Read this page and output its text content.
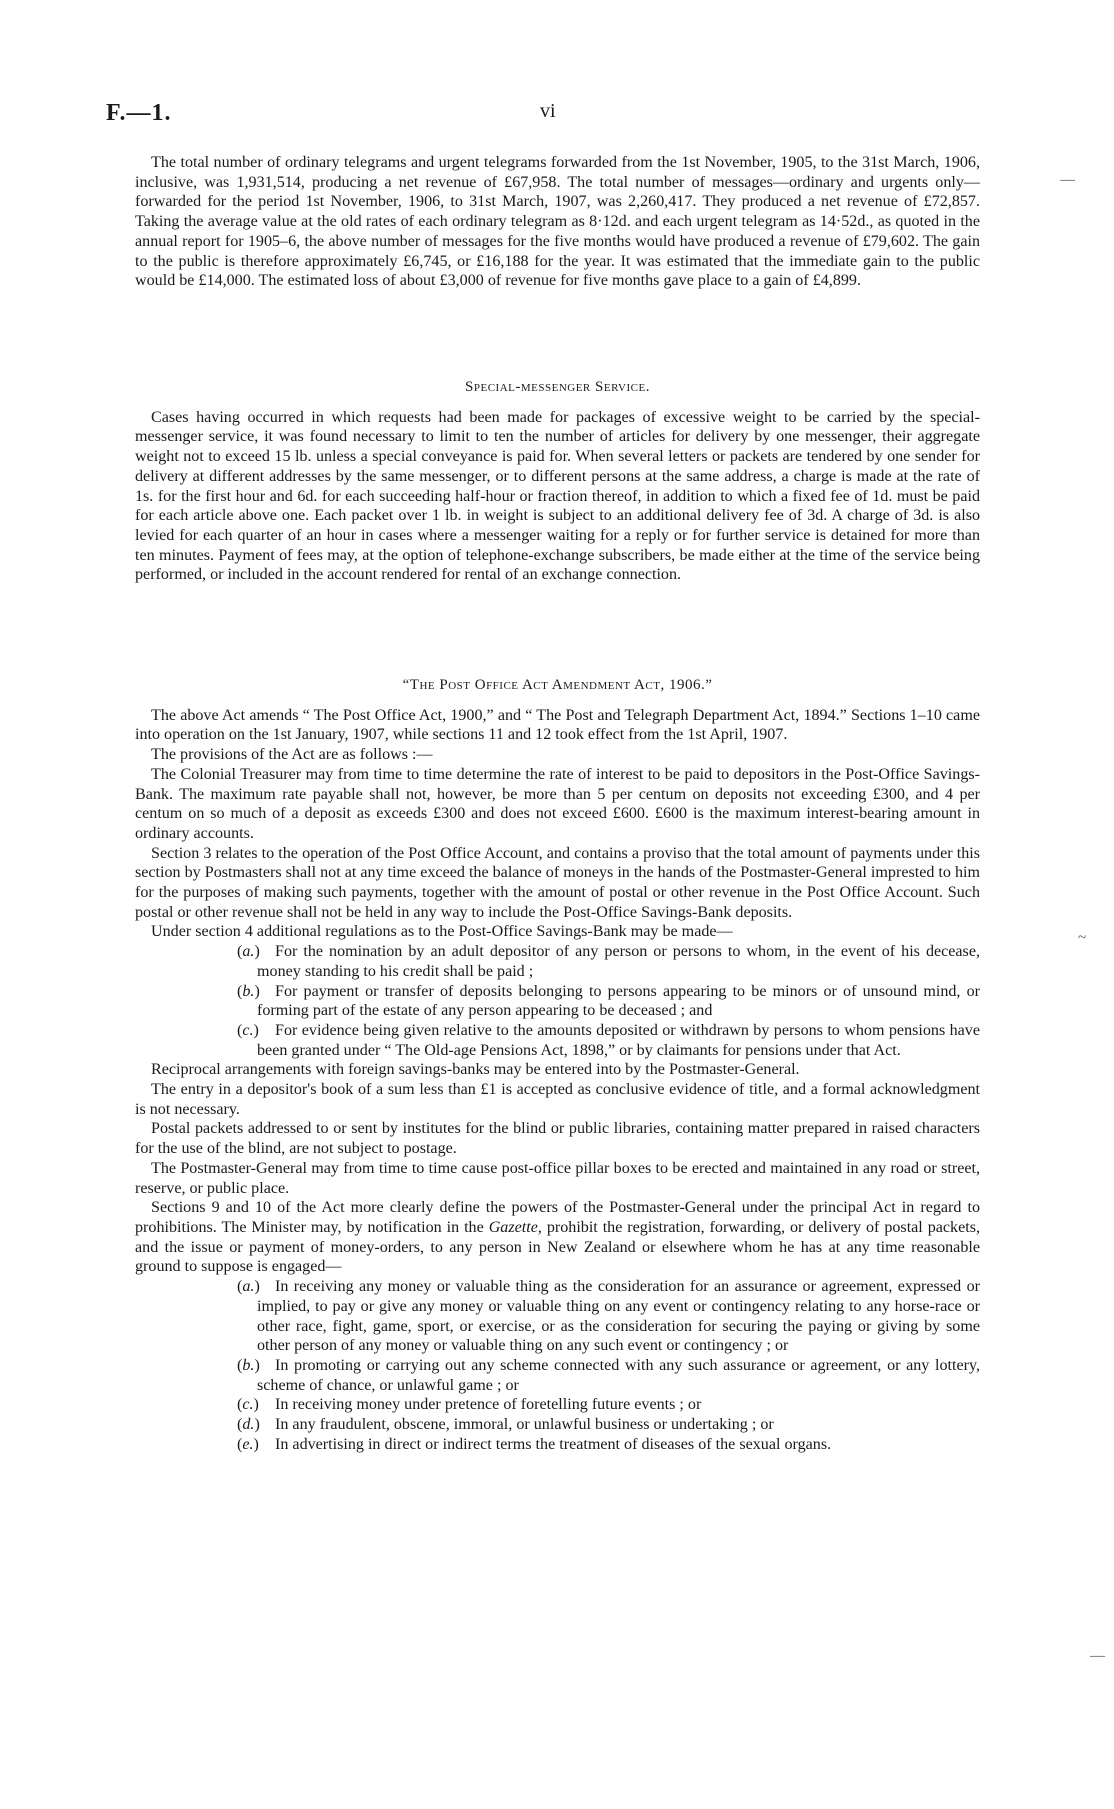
F.—1.	vi

The total number of ordinary telegrams and urgent telegrams forwarded from the 1st November, 1905, to the 31st March, 1906, inclusive, was 1,931,514, producing a net revenue of £67,958. The total number of messages—ordinary and urgents only—forwarded for the period 1st November, 1906, to 31st March, 1907, was 2,260,417. They produced a net revenue of £72,857. Taking the average value at the old rates of each ordinary telegram as 8·12d. and each urgent telegram as 14·52d., as quoted in the annual report for 1905–6, the above number of messages for the five months would have produced a revenue of £79,602. The gain to the public is therefore approximately £6,745, or £16,188 for the year. It was estimated that the immediate gain to the public would be £14,000. The estimated loss of about £3,000 of revenue for five months gave place to a gain of £4,899.

Special-messenger Service.

Cases having occurred in which requests had been made for packages of excessive weight to be carried by the special-messenger service, it was found necessary to limit to ten the number of articles for delivery by one messenger, their aggregate weight not to exceed 15 lb. unless a special conveyance is paid for. When several letters or packets are tendered by one sender for delivery at different addresses by the same messenger, or to different persons at the same address, a charge is made at the rate of 1s. for the first hour and 6d. for each succeeding half-hour or fraction thereof, in addition to which a fixed fee of 1d. must be paid for each article above one. Each packet over 1 lb. in weight is subject to an additional delivery fee of 3d. A charge of 3d. is also levied for each quarter of an hour in cases where a messenger waiting for a reply or for further service is detained for more than ten minutes. Payment of fees may, at the option of telephone-exchange subscribers, be made either at the time of the service being performed, or included in the account rendered for rental of an exchange connection.

“The Post Office Act Amendment Act, 1906.”

The above Act amends “ The Post Office Act, 1900,” and “ The Post and Telegraph Department Act, 1894.” Sections 1–10 came into operation on the 1st January, 1907, while sections 11 and 12 took effect from the 1st April, 1907.

The provisions of the Act are as follows :—

The Colonial Treasurer may from time to time determine the rate of interest to be paid to depositors in the Post-Office Savings-Bank. The maximum rate payable shall not, however, be more than 5 per centum on deposits not exceeding £300, and 4 per centum on so much of a deposit as exceeds £300 and does not exceed £600. £600 is the maximum interest-bearing amount in ordinary accounts.

Section 3 relates to the operation of the Post Office Account, and contains a proviso that the total amount of payments under this section by Postmasters shall not at any time exceed the balance of moneys in the hands of the Postmaster-General imprested to him for the purposes of making such payments, together with the amount of postal or other revenue in the Post Office Account. Such postal or other revenue shall not be held in any way to include the Post-Office Savings-Bank deposits.

Under section 4 additional regulations as to the Post-Office Savings-Bank may be made—

(a.) For the nomination by an adult depositor of any person or persons to whom, in the event of his decease, money standing to his credit shall be paid ;
(b.) For payment or transfer of deposits belonging to persons appearing to be minors or of unsound mind, or forming part of the estate of any person appearing to be deceased ; and
(c.) For evidence being given relative to the amounts deposited or withdrawn by persons to whom pensions have been granted under “ The Old-age Pensions Act, 1898,” or by claimants for pensions under that Act.

Reciprocal arrangements with foreign savings-banks may be entered into by the Postmaster-General.

The entry in a depositor's book of a sum less than £1 is accepted as conclusive evidence of title, and a formal acknowledgment is not necessary.

Postal packets addressed to or sent by institutes for the blind or public libraries, containing matter prepared in raised characters for the use of the blind, are not subject to postage.

The Postmaster-General may from time to time cause post-office pillar boxes to be erected and maintained in any road or street, reserve, or public place.

Sections 9 and 10 of the Act more clearly define the powers of the Postmaster-General under the principal Act in regard to prohibitions. The Minister may, by notification in the Gazette, prohibit the registration, forwarding, or delivery of postal packets, and the issue or payment of money-orders, to any person in New Zealand or elsewhere whom he has at any time reasonable ground to suppose is engaged—

(a.) In receiving any money or valuable thing as the consideration for an assurance or agreement, expressed or implied, to pay or give any money or valuable thing on any event or contingency relating to any horse-race or other race, fight, game, sport, or exercise, or as the consideration for securing the paying or giving by some other person of any money or valuable thing on any such event or contingency ; or
(b.) In promoting or carrying out any scheme connected with any such assurance or agreement, or any lottery, scheme of chance, or unlawful game ; or
(c.) In receiving money under pretence of foretelling future events ; or
(d.) In any fraudulent, obscene, immoral, or unlawful business or undertaking ; or
(e.) In advertising in direct or indirect terms the treatment of diseases of the sexual organs.
—
~
—
